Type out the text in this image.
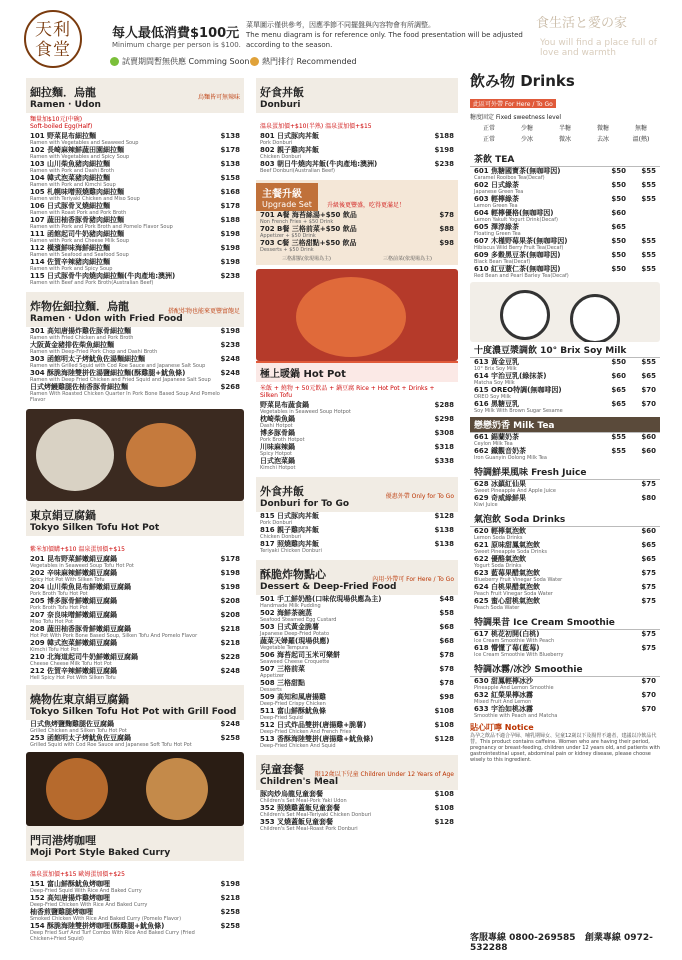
天利
食堂
每人最低消費$100元
Minimum charge per person is $100.
菜單圖示僅供參考，因應季節不同擺盤與內容物會有所調整。
The menu diagram is for reference only. The food presentation will be adjusted according to the season.
食生活と愛の家
You will find a place full of love and warmth
試賣期間暫無供應 Comming Soon	熱門排行 Recommended
細拉麵．烏龍
Ramen · Udon
烏麵皆可無辣味
麵量加$10元(中碗)
Soft-boiled Egg(Half)
101 野菜昆布細拉麵
Ramen with Vegetables and Seaweed Soup
$138
102 長崎麻辣鮮蔬田園細拉麵
Ramen with Vegetables and Spicy Soup
$178
103 山川柴魚豬肉細拉麵
Ramen with Pork and Dashi Broth
$138
104 韓式泡菜豬肉細拉麵
Ramen with Pork and Kimchi Soup
$158
105 札幌味噌照燒雞肉細拉麵
Ramen with Teriyaki Chicken and Miso Soup
$168
106 日式豚骨叉燒細拉麵
Ramen with Roast Pork and Pork Broth
$178
107 蔬田柚香豚骨豬肉細拉麵
Ramen with Pork and Pork Broth and Pomelo Flavor Soup
$188
111 函館起司牛奶豬肉細拉麵
Ramen with Pork and Cheese Milk Soup
$198
112 橫濱鮮味海鮮細拉麵
Ramen with Seafood and Seafood Soup
$198
114 佐賀辛辣豬肉細拉麵
Ramen with Pork and Spicy Soup
$198
115 日式豚骨牛肉燒肉細拉麵(牛肉產地:澳洲)
Ramen with Beef and Pork Broth(Australian Beef)
$238
炸物佐細拉麵．烏龍
Ramen · Udon with Fried Food
搭配炸物也能來更豐富飽足
301 高知唐揚炸雞佐豚骨細拉麵
Ramen with Fried Chicken and Pork Broth
$198
大阪黃金豬排佐柴魚細拉麵
Ramen with Deep-Fried Pork Chop and Dashi Broth
$238
303 函館明太子烤魷魚佐湯麵細拉麵
Ramen with Grilled Squid with Cod Roe Sauce and Japanese Salt Soup
$248
304 酥脆海陸雙拼佐湯鹽細拉麵(酥雞腿+魷魚條)
Ramen with Deep Fried Chicken and Fried Squid and Japanese Salt Soup
$248
日式烤鰻雞腿佐柚香豚骨細拉麵
Ramen With Roasted Chicken Quarter In Pork Bone Based Soup And Pomelo Flavor
$268
東京絹豆腐鍋
Tokyo Silken Tofu Hot Pot
紫米加價購+$10 溫泉蛋加價+$15
201 昆布野菜鮮嫩絹豆腐鍋
Vegetables in Seaweed Soup Tofu Hot Pot
$178
202 辛味麻辣鮮嫩絹豆腐鍋
Spicy Hot Pot With Silken Tofu
$198
204 山川柴魚昆布鮮嫩絹豆腐鍋
Pork Broth Tofu Hot Pot
$198
205 博多豚骨鮮嫩絹豆腐鍋
Pork Broth Tofu Hot Pot
$208
207 奈良味噌鮮嫩絹豆腐鍋
Miso Tofu Hot Pot
$208
208 蔬田柚香豚骨鮮嫩絹豆腐鍋
Hot Pot With Pork Bone Based Soup, Silken Tofu And Pomelo Flavor
$218
209 韓式泡菜鮮嫩絹豆腐鍋
Kimchi Tofu Hot Pot
$218
210 北海道起司牛奶鮮嫩絹豆腐鍋
Cheese Cheese Milk Tofu Hot Pot
$228
212 佐賀辛辣鮮嫩絹豆腐鍋
Hell Spicy Hot Pot With Silken Tofu
$248
燒物佐東京絹豆腐鍋
Tokyo Silken Tofu Hot Pot with Grill Food
日式焦烤鹽麴雞腿佐豆腐鍋
Grilled Chicken and Silken Tofu Hot Pot
$248
253 函館明太子烤魷魚佐豆腐鍋
Grilled Squid with Cod Roe Sauce and Japanese Soft Tofu Hot Pot
$258
門司港烤咖哩
Moji Port Style Baked Curry
溫泉蛋加價+$15 歐姆蛋加價+$25
151 富山鮮酥魷魚烤咖哩
Deep-Fried Squid With Rice And Baked Curry
$198
152 高知唐揚炸雞烤咖哩
Deep-Fried Chicken With Rice And Baked Curry
$218
柚香煎鹽雞腿烤咖哩
Smoked Chicken With Rice And Baked Curry (Pomelo Flavor)
$258
154 酥脆海陸雙拼烤咖哩(酥雞腿+魷魚條)
Deep Fried Surf And Turf Combo With Rice And Baked Curry (Fried Chicken+Fried Squid)
$258
好食丼飯
Donburi
溫泉蛋加價+$10(半熟) 溫泉蛋加價+$15
801 日式豚肉丼飯
Pork Donburi
$188
802 親子雞肉丼飯
Chicken Donburi
$198
803 朝日牛燒肉丼飯(牛肉產地:澳洲)
Beef Donburi(Australian Beef)
$238
主餐升級
Upgrade Set	升級後更豐盛，吃得更滿足！
701 A餐 海苔絲湯+$50 飲品
Non French Fries + $50 Drink
$78
702 B餐 三格前菜+$50 飲品
Appetizer + $50 Drink
$88
703 C餐 三格甜點+$50 飲品
Desserts + $50 Drink
$98
三格甜點(依現場為主)	三格前菜(依現場為主)
極上暖鍋 Hot Pot
米飯 + 燒物 + 50元飲品 + 鍋豆腐 Rice + Hot Pot + Drinks + Silken Tofu
野菜昆布蔬食鍋
Vegetables in Seaweed Soup Hotpot
$288
枕崎柴魚鍋
Dashi Hotpot
$298
博多豚骨鍋
Pork Broth Hotpot
$308
川味麻辣鍋
Spicy Hotpot
$318
日式泡菜鍋
Kimchi Hotpot
$338
外食丼飯
Donburi for To Go
優惠外帶 Only for To Go
815 日式豚肉丼飯
Pork Donburi
$128
816 親子雞肉丼飯
Chicken Donburi
$138
817 照燒雞肉丼飯
Teriyaki Chicken Donburi
$138
酥脆炸物點心
Dessert & Deep-Fried Food
內用·外帶可 For Here / To Go
501 手工鮮奶酪(口味依現場供應為主)
Handmade Milk Pudding
$48
502 海鮮茶碗蒸
Seafood Steamed Egg Custard
$58
503 日式黃金脆薯
Japanese Deep-Fried Potato
$68
蔬菜天婦羅(現場供應)
Vegetable Tempura
$68
506 海苔起司玉米可樂餅
Seaweed Cheese Croquette
$78
507 三格前菜
Appetizer
$78
508 三格甜點
Desserts
$78
509 高知和風唐揚雞
Deep-Fried Crispy Chicken
$98
511 富山鮮酥魷魚條
Deep-Fried Squid
$108
512 日式炸品雙拼(唐揚雞+脆薯)
Deep-Fried Chicken And French Fries
$108
513 香酥海陸雙拼(唐揚雞+魷魚條)
Deep-Fried Chicken And Squid
$128
兒童套餐
Children's Meal
限12歲以下兒童 Children Under 12 Years of Age
豚肉炒烏龍兒童套餐
Children's Set Meal-Pork Yaki Udon
$108
352 照燒雞蓋飯兒童套餐
Children's Set Meal-Teriyaki Chicken Donburi
$108
353 叉燒蓋飯兒童套餐
Children's Set Meal-Roast Pork Donburi
$128
飲み物 Drinks
此區可外帶 For Here / To Go
糖度固定 Fixed sweetness level
正常	少糖	半糖	微糖	無糖
正常	少冰	微冰	去冰	溫(熱)
茶飲 TEA
601 焦糖國寶茶(無咖啡因)
Caramel Rooibos Tea(Decaf)
$50	$55
602 日式綠茶
Japanese Green Tea
$50	$55
603 輕檸綠茶
Lemon Green Tea
$50	$55
604 輕檸優格(無咖啡因)
Lemon Yakult Yogurt Drink(Decaf)
$60
605 澤淳綠茶
Floating Green Tea
$65
607 木槿野莓果茶(無咖啡因)
Hibiscus Wild Berry Fruit Tea(Decaf)
$50	$55
609 多穀黑豆茶(無咖啡因)
Black Bean Tea(Decaf)
$50	$55
610 紅豆薏仁茶(無咖啡因)
Red Bean and Pearl Barley Tea(Decaf)
$50	$55
十度濃豆漿調飲 10° Brix Soy Milk
613 黃金豆乳
10° Brix Soy Milk
$50	$55
614 宇治豆乳(綠抹茶)
Matcha Soy Milk
$60	$65
615 OREO特調(無咖啡因)
OREO Soy Milk
$65	$70
616 黑糖豆乳
Soy Milk With Brown Sugar Sesame
$65	$70
戀戀奶香 Milk Tea
661 錫蘭奶茶
Ceylon Milk Tea
$55	$60
662 鐵觀音奶茶
Iron Guanyin Oolong Milk Tea
$55	$60
特調鮮果風味 Fresh Juice
628 冰鎮紅仙果
Sweet Pineapple And Apple Juice
$75
629 奇威綠鮮果
Kiwi Juice
$80
氣泡飲 Soda Drinks
620 輕檸氣泡飲
Lemon Soda Drinks
$60
621 原味甜鳳氣泡飲
Sweet Pineapple Soda Drinks
$65
622 優酪氣泡飲
Yogurt Soda Drinks
$65
623 藍莓果醋氣泡飲
Blueberry Fruit Vinegar Soda Water
$75
624 白桃果醋氣泡飲
Peach Fruit Vinegar Soda Water
$75
625 蜜心甜桃氣泡飲
Peach Soda Water
$75
特調果昔 Ice Cream Smoothie
617 桃花初開(白桃)
Ice Cream Smoothie With Peach
$75
618 懵懂了莓(藍莓)
Ice Cream Smoothie With Blueberry
$75
特調冰霧/冰沙 Smoothie
630 甜鳳輕檸冰沙
Pineapple And Lemon Smoothie
$70
632 紅榮果檸冰霧
Mixed Fruit And Lemon
$70
633 宇治如桃冰霧
Smoothie with Peach and Matcha
$70
貼心叮嚀 Notice
為孕之飲品不適合孕婦、哺乳期婦女、兒童12歲以下及腸胃不適者，建議以冷飲品代替。This product contains caffeine. Women who are having their period, pregnancy or breast-feeding, children under 12 years old, and patients with gastrointestinal upset, abdominal pain or kidney disease, please choose wisely to this ingredient.
客服專線 0800-269585 創業專線 0972-532288
